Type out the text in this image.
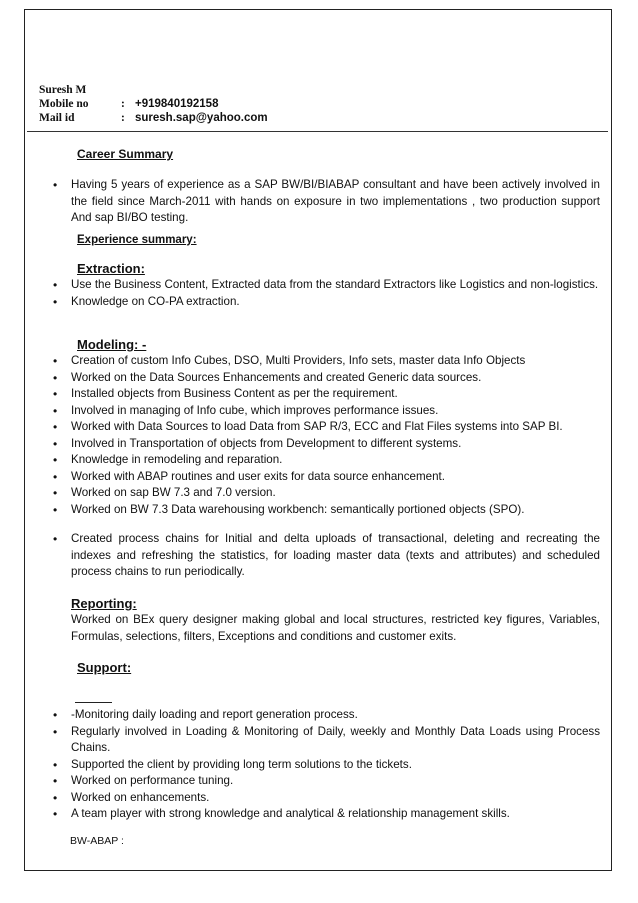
Suresh M
Mobile no	: +919840192158
Mail id	: suresh.sap@yahoo.com
Career Summary
• Having 5 years of experience as a SAP BW/BI/BIABAP consultant and have been actively involved in the field since March-2011 with hands on exposure in two implementations , two production support And sap BI/BO testing.
Experience summary:
Extraction:
• Use the Business Content, Extracted data from the standard Extractors like Logistics and non-logistics.
• Knowledge on CO-PA extraction.
Modeling: -
• Creation of custom Info Cubes, DSO, Multi Providers, Info sets, master data Info Objects
• Worked on the Data Sources Enhancements and created Generic data sources.
• Installed objects from Business Content as per the requirement.
• Involved in managing of Info cube, which improves performance issues.
• Worked with Data Sources to load Data from SAP R/3, ECC and Flat Files systems into SAP BI.
• Involved in Transportation of objects from Development to different systems.
• Knowledge in remodeling and reparation.
• Worked with ABAP routines and user exits for data source enhancement.
• Worked on sap BW 7.3 and 7.0 version.
• Worked on BW 7.3 Data warehousing workbench: semantically portioned objects (SPO).
• Created process chains for Initial and delta uploads of transactional, deleting and recreating the indexes and refreshing the statistics, for loading master data (texts and attributes) and scheduled process chains to run periodically.
Reporting:
Worked on BEx query designer making global and local structures, restricted key figures, Variables, Formulas, selections, filters, Exceptions and conditions and customer exits.
Support:
• -Monitoring daily loading and report generation process.
• Regularly involved in Loading & Monitoring of Daily, weekly and Monthly Data Loads using Process Chains.
• Supported the client by providing long term solutions to the tickets.
• Worked on performance tuning.
• Worked on enhancements.
• A team player with strong knowledge and analytical & relationship management skills.
BW-ABAP :
